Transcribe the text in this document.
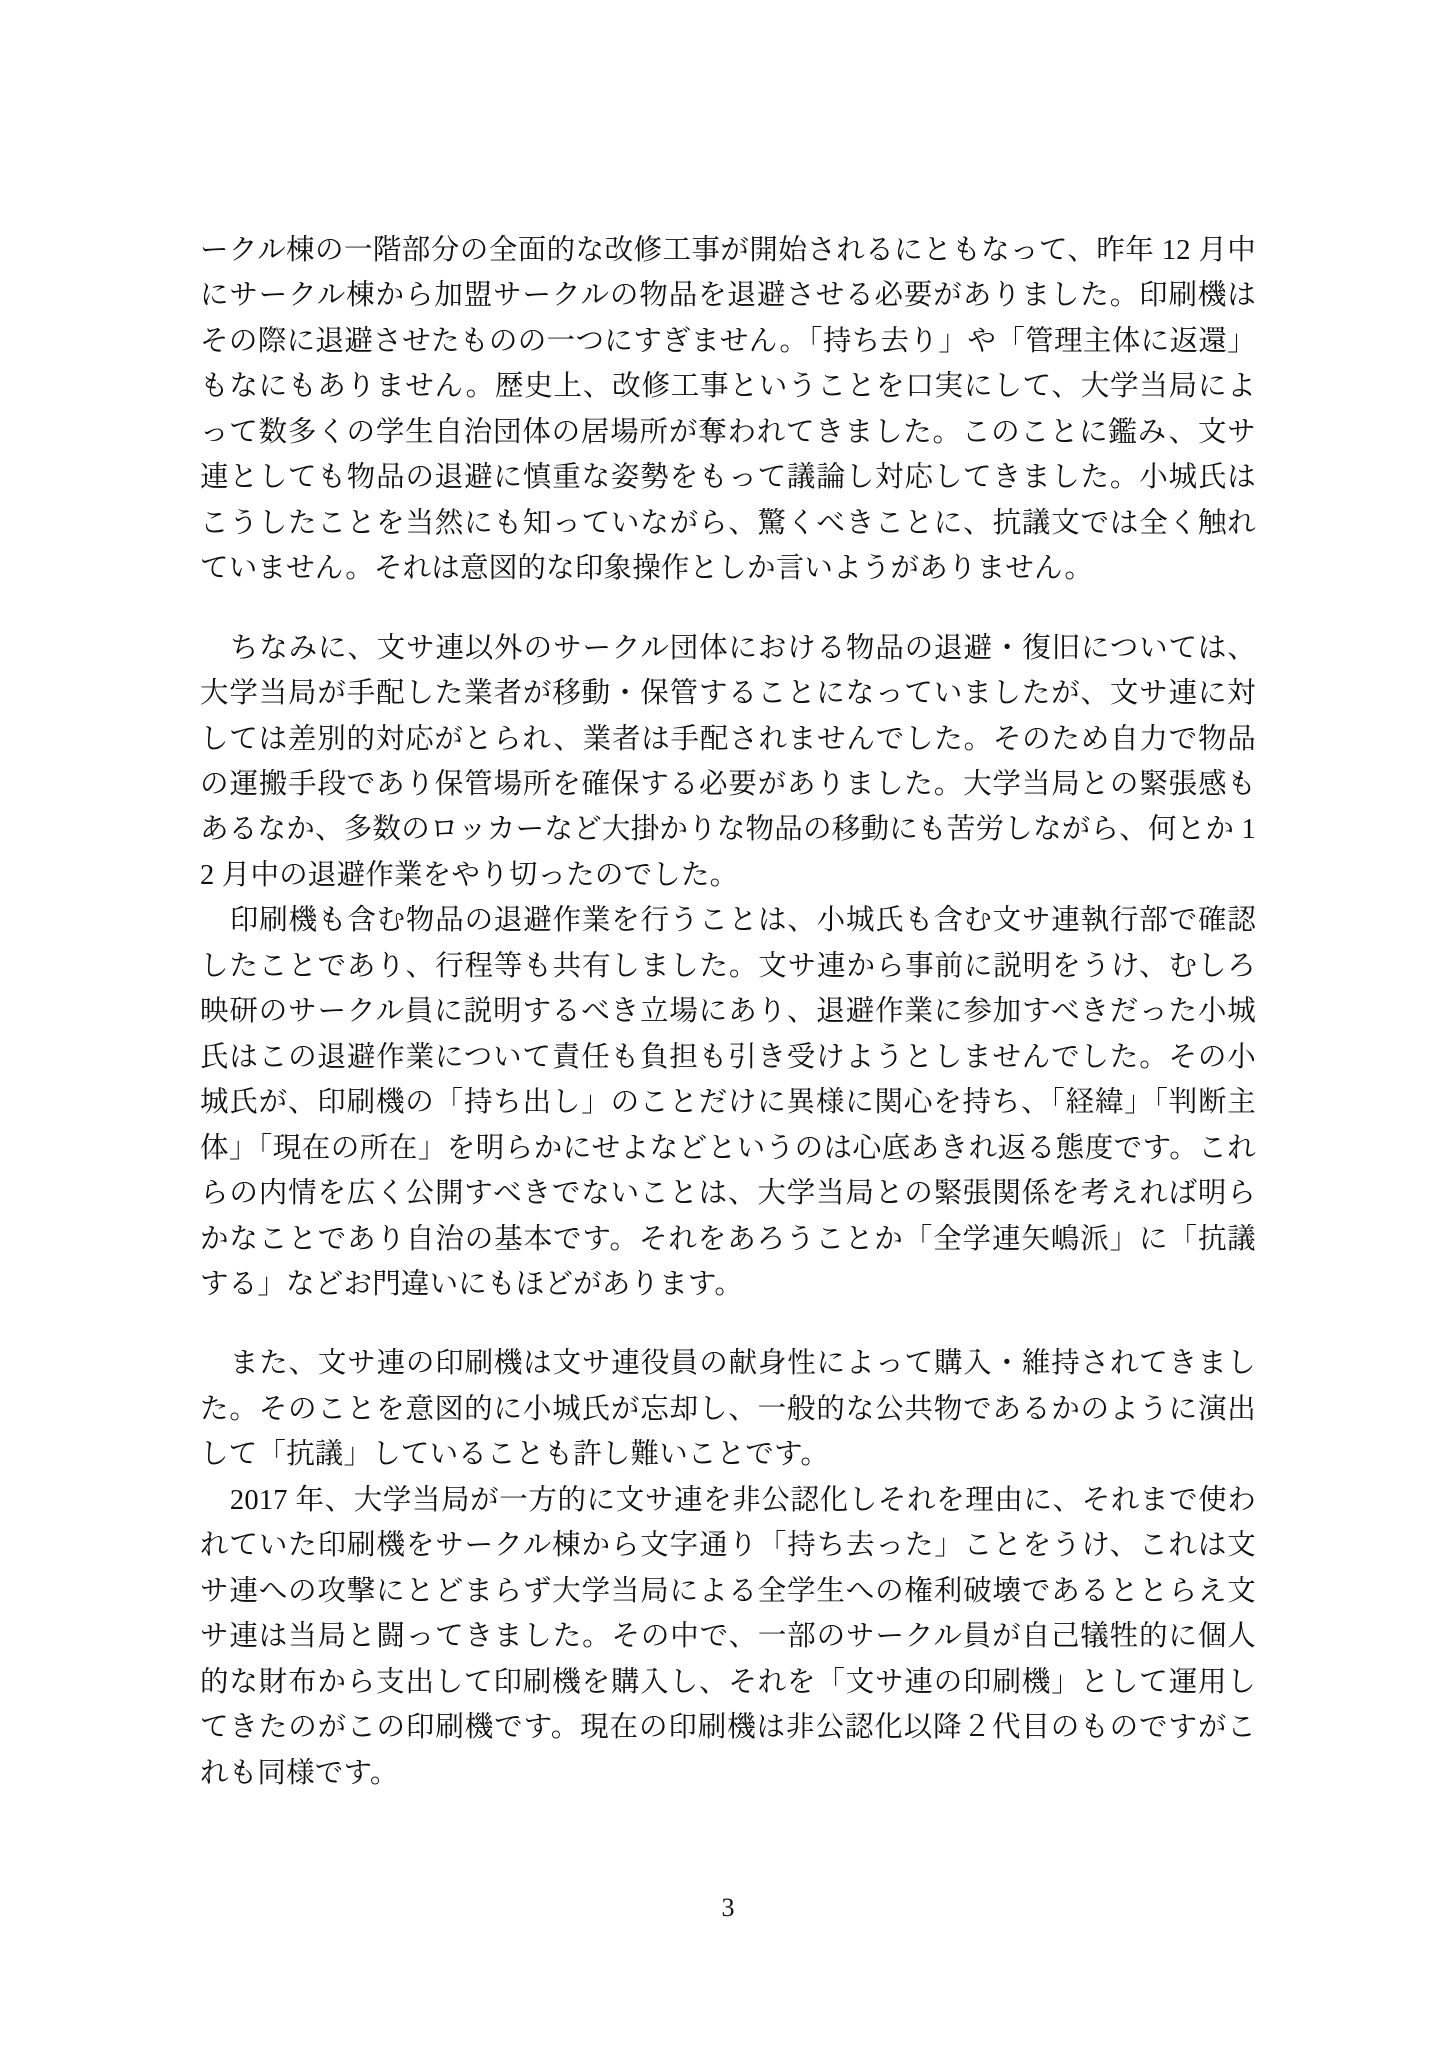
ークル棟の一階部分の全面的な改修工事が開始されるにともなって、昨年 12 月中にサークル棟から加盟サークルの物品を退避させる必要がありました。印刷機はその際に退避させたものの一つにすぎません。「持ち去り」や「管理主体に返還」もなにもありません。歴史上、改修工事ということを口実にして、大学当局によって数多くの学生自治団体の居場所が奪われてきました。このことに鑑み、文サ連としても物品の退避に慎重な姿勢をもって議論し対応してきました。小城氏はこうしたことを当然にも知っていながら、驚くべきことに、抗議文では全く触れていません。それは意図的な印象操作としか言いようがありません。

ちなみに、文サ連以外のサークル団体における物品の退避・復旧については、大学当局が手配した業者が移動・保管することになっていましたが、文サ連に対しては差別的対応がとられ、業者は手配されませんでした。そのため自力で物品の運搬手段であり保管場所を確保する必要がありました。大学当局との緊張感もあるなか、多数のロッカーなど大掛かりな物品の移動にも苦労しながら、何とか 12 月中の退避作業をやり切ったのでした。

印刷機も含む物品の退避作業を行うことは、小城氏も含む文サ連執行部で確認したことであり、行程等も共有しました。文サ連から事前に説明をうけ、むしろ映研のサークル員に説明するべき立場にあり、退避作業に参加すべきだった小城氏はこの退避作業について責任も負担も引き受けようとしませんでした。その小城氏が、印刷機の「持ち出し」のことだけに異様に関心を持ち、「経緯」「判断主体」「現在の所在」を明らかにせよなどというのは心底あきれ返る態度です。これらの内情を広く公開すべきでないことは、大学当局との緊張関係を考えれば明らかなことであり自治の基本です。それをあろうことか「全学連矢嶋派」に「抗議する」などお門違いにもほどがあります。

また、文サ連の印刷機は文サ連役員の献身性によって購入・維持されてきました。そのことを意図的に小城氏が忘却し、一般的な公共物であるかのように演出して「抗議」していることも許し難いことです。

2017 年、大学当局が一方的に文サ連を非公認化しそれを理由に、それまで使われていた印刷機をサークル棟から文字通り「持ち去った」ことをうけ、これは文サ連への攻撃にとどまらず大学当局による全学生への権利破壊であるととらえ文サ連は当局と闘ってきました。その中で、一部のサークル員が自己犠牲的に個人的な財布から支出して印刷機を購入し、それを「文サ連の印刷機」として運用してきたのがこの印刷機です。現在の印刷機は非公認化以降２代目のものですがこれも同様です。

3
